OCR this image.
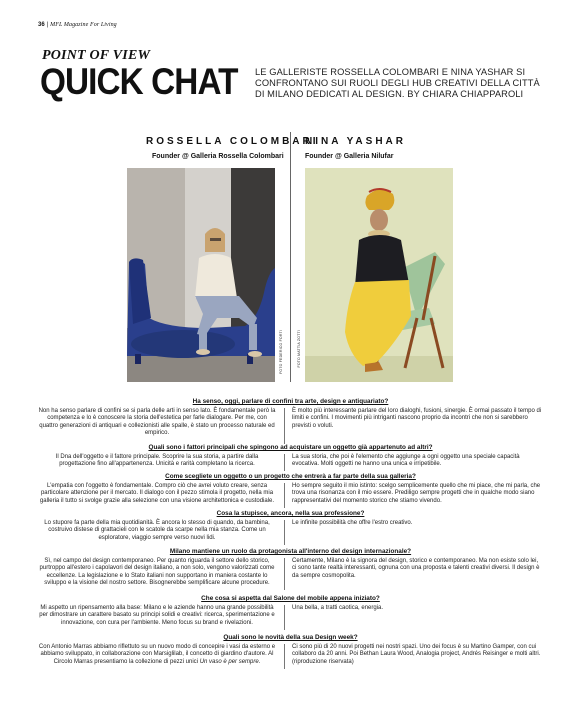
36 | MFL Magazine For Living
POINT OF VIEW
QUICK CHAT LE GALLERISTE ROSSELLA COLOMBARI E NINA YASHAR SI CONFRONTANO SUI RUOLI DEGLI HUB CREATIVI DELLA CITTÀ DI MILANO DEDICATI AL DESIGN. BY CHIARA CHIAPPAROLI
ROSSELLA COLOMBARI
NINA YASHAR
Founder @ Galleria Rossella Colombari	Founder @ Galleria Nilufar
FOTO FEDERICO FORTI	FOTO MATTIA ZOTTI
Ha senso, oggi, parlare di confini tra arte, design e antiquariato?
Non ha senso parlare di confini se si parla delle arti in senso lato. È fondamentale però la competenza e lo è conoscere la storia dell'estetica per farle dialogare. Per me, con quattro generazioni di antiquari e collezionisti alle spalle, è stato un processo naturale ed empirico.
È molto più interessante parlare del loro dialoghi, fusioni, sinergie. È ormai passato il tempo di limiti e confini. I movimenti più intriganti nascono proprio da incontri che non si sarebbero previsti o voluti.
Quali sono i fattori principali che spingono ad acquistare un oggetto già appartenuto ad altri?
Il Dna dell'oggetto e il fattore principale. Scoprire la sua storia, a partire dalla progettazione fino all'appartenenza. Unicità e rarità completano la ricerca.
La sua storia, che poi è l'elemento che aggiunge a ogni oggetto una speciale capacità evocativa. Molti oggetti ne hanno una unica e irripetibile.
Come scegliete un oggetto o un progetto che entrerà a far parte della sua galleria?
L'empatia con l'oggetto è fondamentale. Compro ciò che avrei voluto creare, senza particolare attenzione per il mercato. Il dialogo con il pezzo stimola il progetto, nella mia galleria il tutto si svolge grazie alla selezione con una visione architettonica e custodiale.
Ho sempre seguito il mio istinto: scelgo semplicemente quello che mi piace, che mi parla, che trova una risonanza con il mio essere. Prediligo sempre progetti che in qualche modo siano rappresentativi del momento storico che stiamo vivendo.
Cosa la stupisce, ancora, nella sua professione?
Lo stupore fa parte della mia quotidianità. È ancora lo stesso di quando, da bambina, costruivo distese di grattacieli con le scatole da scarpe nella mia stanza. Come un esploratore, viaggio sempre verso nuovi lidi.
Le infinite possibilità che offre l'estro creativo.
Milano mantiene un ruolo da protagonista all'interno del design internazionale?
Sì, nel campo del design contemporaneo. Per quanto riguarda il settore dello storico, purtroppo all'estero i capolavori del design italiano, a non solo, vengono valorizzati come eccellenze. La legislazione e lo Stato italiani non supportano in maniera costante lo sviluppo e la visione del nostro settore. Bisognerebbe semplificare alcune procedure.
Certamente, Milano è la signora del design, storico e contemporaneo. Ma non esiste solo lei, ci sono tante realtà interessanti, ognuna con una proposta e talenti creativi diversi. Il design è da sempre cosmopolita.
Che cosa si aspetta dal Salone del mobile appena iniziato?
Mi aspetto un ripensamento alla base: Milano e le aziende hanno una grande possibilità per dimostrare un carattere basato su principi solidi e creativi: ricerca, sperimentazione e innovazione, con cura per l'ambiente. Meno focus su brand e rivelazioni.
Una bella, a tratti caotica, energia.
Quali sono le novità della sua Design week?
Con Antonio Marras abbiamo riflettuto su un nuovo modo di concepire i vasi da esterno e abbiamo sviluppato, in collaborazione con Marsiglilab, il concetto di giardino d'autore. Al Circolo Marras presentiamo la collezione di pezzi unici Un vaso è per sempre.
Ci sono più di 20 nuovi progetti nei nostri spazi. Uno dei focus è su Martino Gamper, con cui collaboro da 20 anni. Poi Bethan Laura Wood, Analogia project, Andrés Reisinger e molti altri. (riproduzione riservata)
